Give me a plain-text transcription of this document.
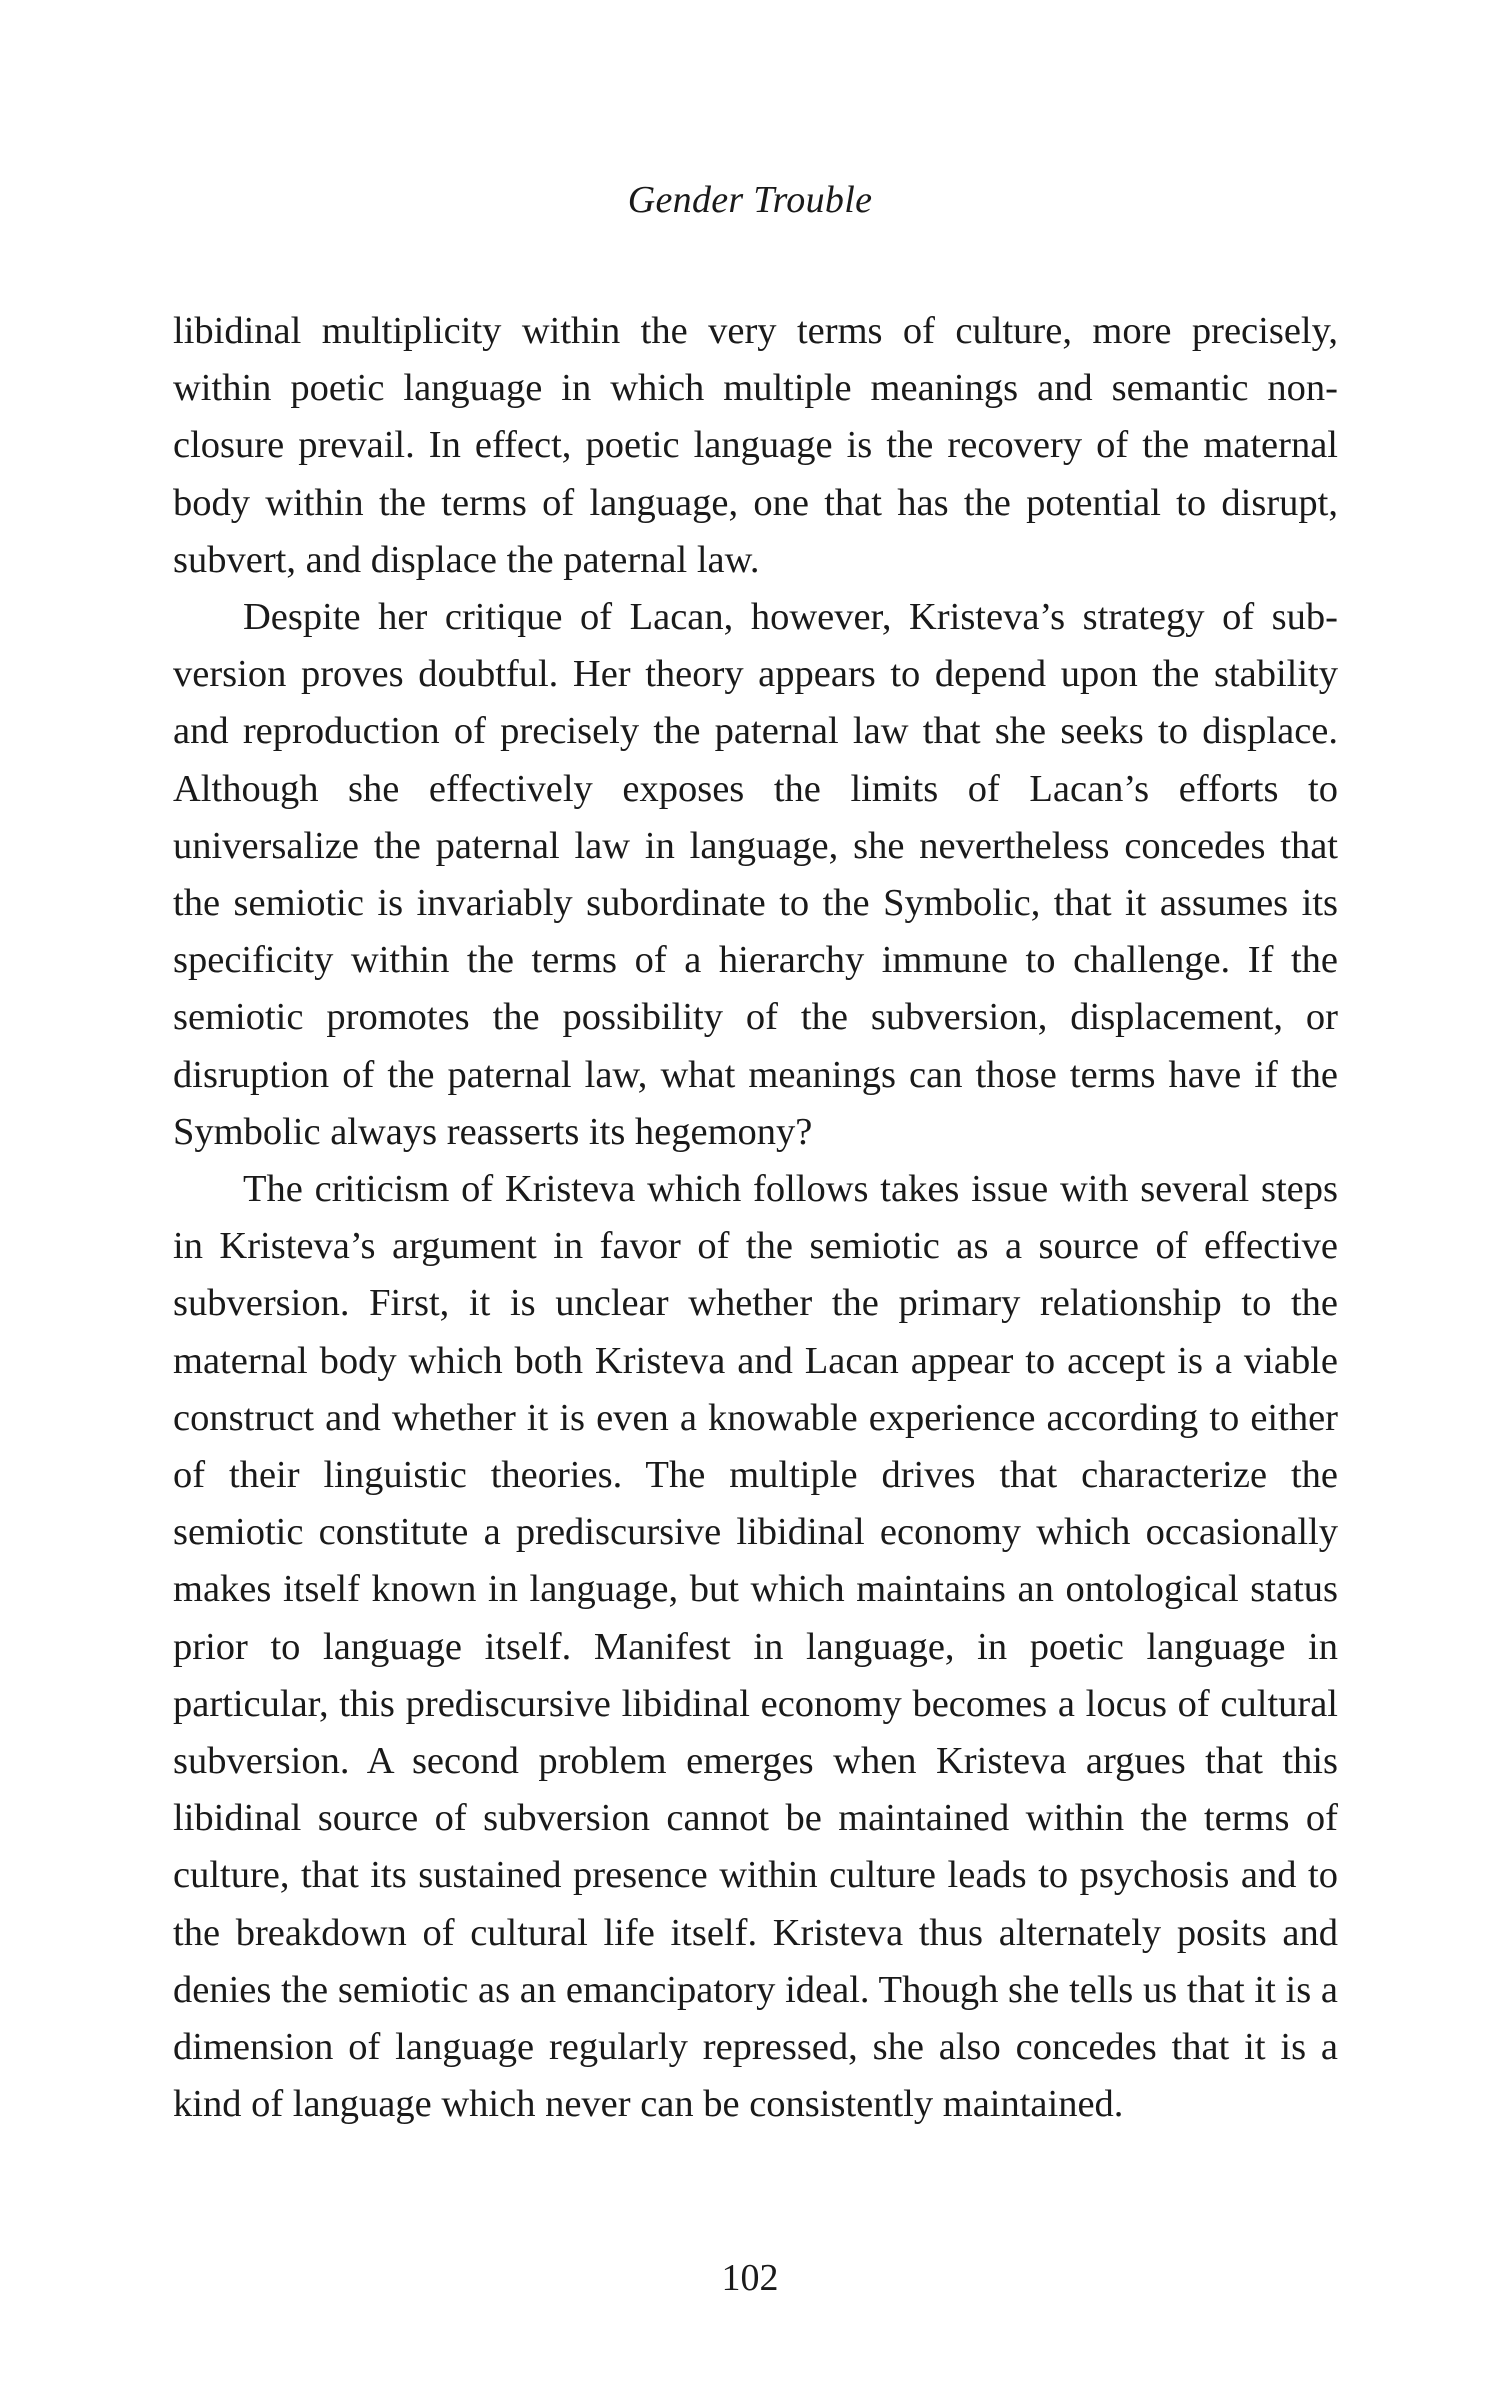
Gender Trouble

libidinal multiplicity within the very terms of culture, more precisely, within poetic language in which multiple meanings and semantic nonclosure prevail. In effect, poetic language is the recovery of the maternal body within the terms of language, one that has the potential to disrupt, subvert, and displace the paternal law.

Despite her critique of Lacan, however, Kristeva’s strategy of subversion proves doubtful. Her theory appears to depend upon the stability and reproduction of precisely the paternal law that she seeks to displace. Although she effectively exposes the limits of Lacan’s efforts to universalize the paternal law in language, she nevertheless concedes that the semiotic is invariably subordinate to the Symbolic, that it assumes its specificity within the terms of a hierarchy immune to challenge. If the semiotic promotes the possibility of the subversion, displacement, or disruption of the paternal law, what meanings can those terms have if the Symbolic always reasserts its hegemony?

The criticism of Kristeva which follows takes issue with several steps in Kristeva’s argument in favor of the semiotic as a source of effective subversion. First, it is unclear whether the primary relationship to the maternal body which both Kristeva and Lacan appear to accept is a viable construct and whether it is even a knowable experience according to either of their linguistic theories. The multiple drives that characterize the semiotic constitute a prediscursive libidinal economy which occasionally makes itself known in language, but which maintains an ontological status prior to language itself. Manifest in language, in poetic language in particular, this prediscursive libidinal economy becomes a locus of cultural subversion. A second problem emerges when Kristeva argues that this libidinal source of subversion cannot be maintained within the terms of culture, that its sustained presence within culture leads to psychosis and to the breakdown of cultural life itself. Kristeva thus alternately posits and denies the semiotic as an emancipatory ideal. Though she tells us that it is a dimension of language regularly repressed, she also concedes that it is a kind of language which never can be consistently maintained.

102
